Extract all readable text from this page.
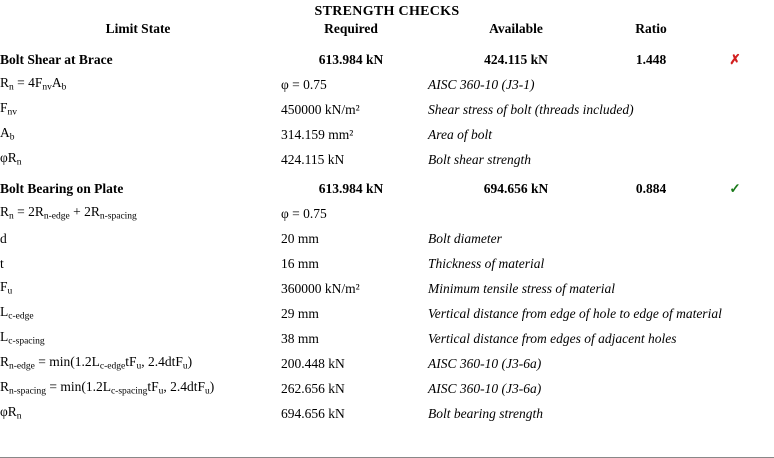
STRENGTH CHECKS
Limit State	Required	Available	Ratio	
Bolt Shear at Brace	613.984 kN	424.115 kN	1.448	✗
$R_n = 4F_{nv}A_b$	φ = 0.75	AISC 360-10 (J3-1)		
$F_{nv}$	450000 kN/m²	Shear stress of bolt (threads included)		
$A_b$	314.159 mm²	Area of bolt		
$\varphi R_n$	424.115 kN	Bolt shear strength		
Bolt Bearing on Plate	613.984 kN	694.656 kN	0.884	✓
$R_n = 2R_{n-edge} + 2R_{n-spacing}$	φ = 0.75			
d	20 mm	Bolt diameter		
t	16 mm	Thickness of material		
$F_u$	360000 kN/m²	Minimum tensile stress of material		
$L_{c-edge}$	29 mm	Vertical distance from edge of hole to edge of material		
$L_{c-spacing}$	38 mm	Vertical distance from edges of adjacent holes		
$R_{n-edge} = \min(1.2L_{c-edge}tF_u$, 2.4dtF$_u$)	200.448 kN	AISC 360-10 (J3-6a)		
$R_{n-spacing} = \min(1.2L_{c-spacing}tF_u$, 2.4dtF$_u$)	262.656 kN	AISC 360-10 (J3-6a)		
$\varphi R_n$	694.656 kN	Bolt bearing strength		
